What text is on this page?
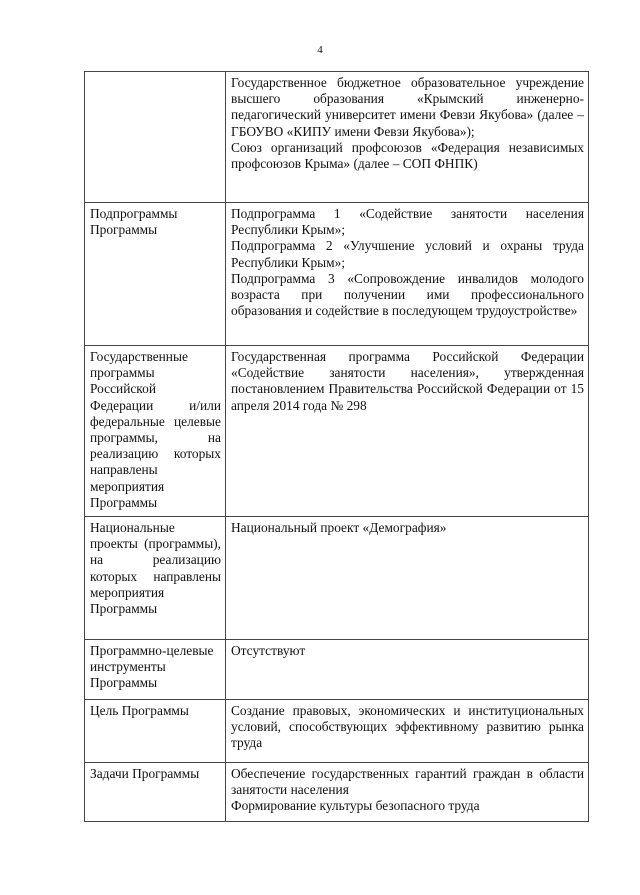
4

	Государственное бюджетное образовательное учреждение высшего образования «Крымский инженерно-педагогический университет имени Февзи Якубова» (далее – ГБОУВО «КИПУ имени Февзи Якубова»);
Союз организаций профсоюзов «Федерация независимых профсоюзов Крыма» (далее – СОП ФНПК)

Подпрограммы Программы	Подпрограмма 1 «Содействие занятости населения Республики Крым»;
Подпрограмма 2 «Улучшение условий и охраны труда Республики Крым»;
Подпрограмма 3 «Сопровождение инвалидов молодого возраста при получении ими профессионального образования и содействие в последующем трудоустройстве»

Государственные программы Российской Федерации и/или федеральные целевые программы, на реализацию которых направлены мероприятия Программы	Государственная программа Российской Федерации «Содействие занятости населения», утвержденная постановлением Правительства Российской Федерации от 15 апреля 2014 года № 298

Национальные проекты (программы), на реализацию которых направлены мероприятия Программы	Национальный проект «Демография»

Программно-целевые инструменты Программы	Отсутствуют

Цель Программы	Создание правовых, экономических и институциональных условий, способствующих эффективному развитию рынка труда

Задачи Программы	Обеспечение государственных гарантий граждан в области занятости населения
Формирование культуры безопасного труда
